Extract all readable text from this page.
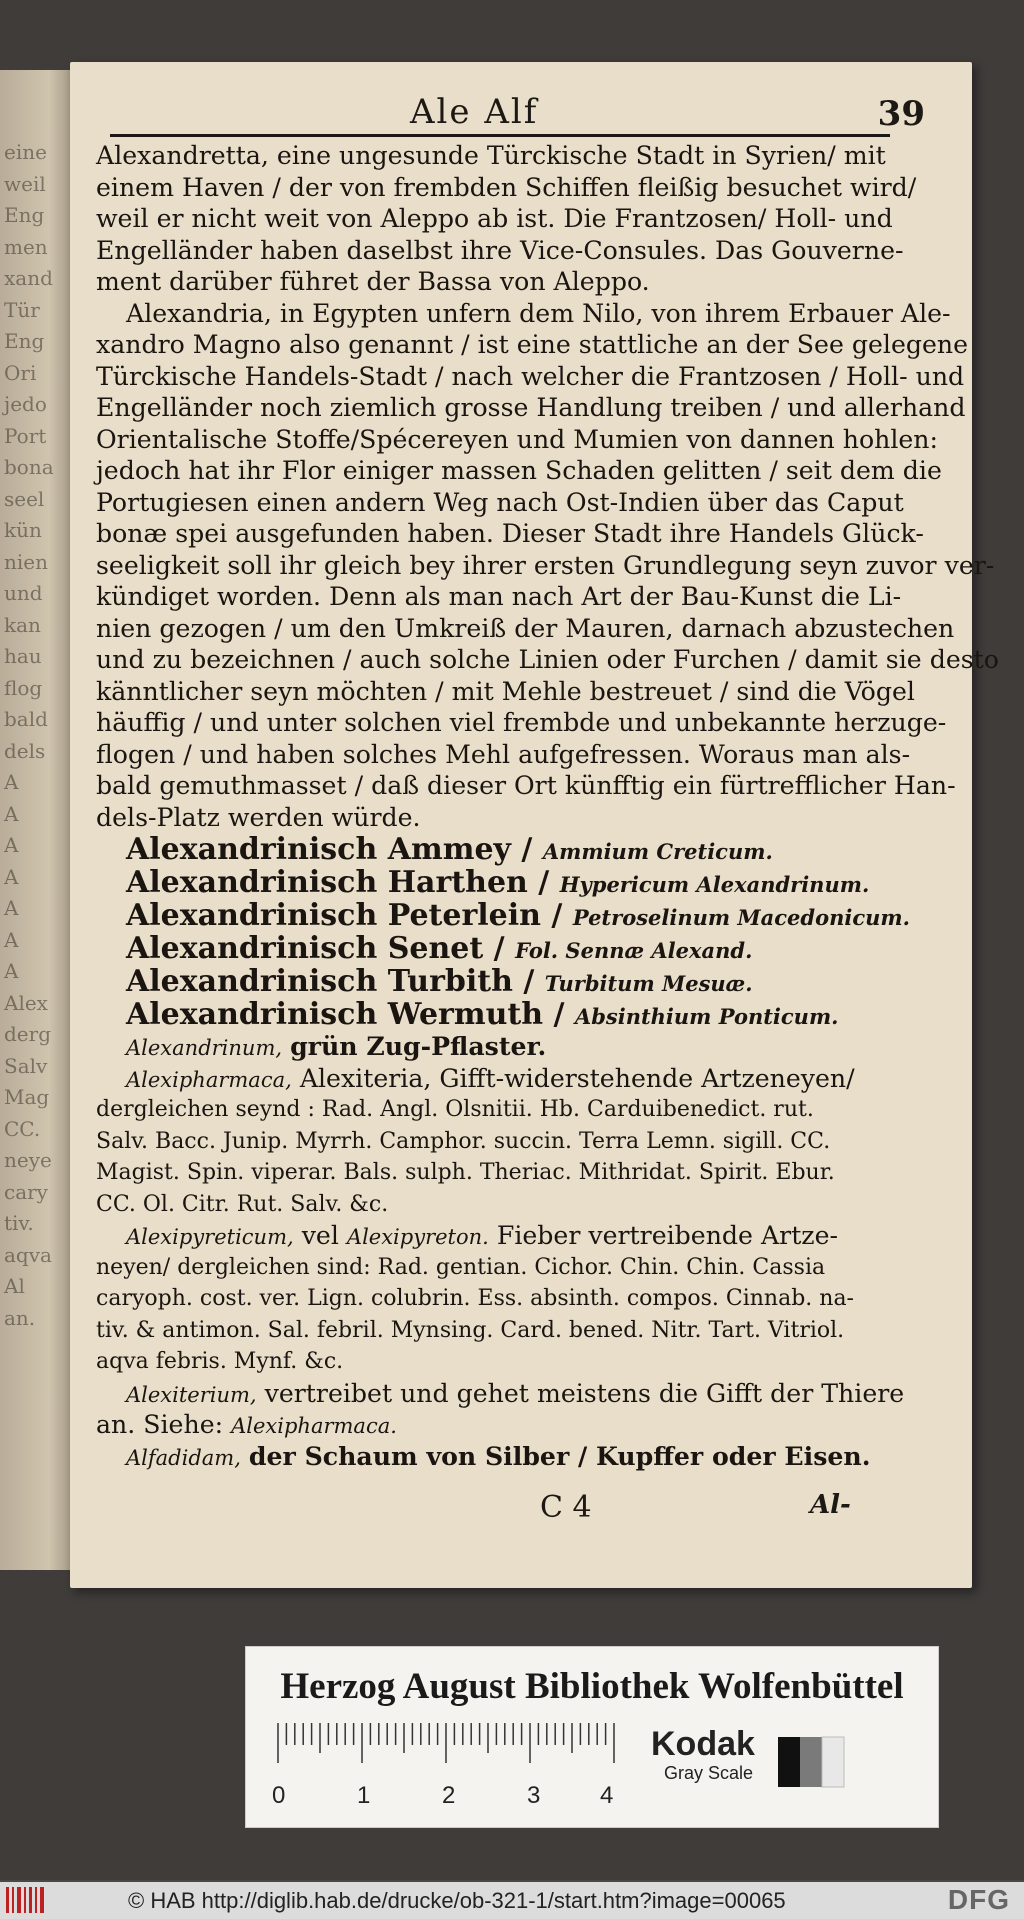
eine
weil
Eng
men
xand
Tür
Eng
Ori
jedo
Port
bona
seel
kün
nien
und
kan
hau
flog
bald
dels
A
A
A
A
A
A
A
Alex
derg
Salv
Mag
CC.
neye
cary
tiv.
aqva
Al
an.
Ale Alf	39
Alexandretta, eine ungesunde Türckische Stadt in Syrien/ mit
einem Haven / der von frembden Schiffen fleißig besuchet wird/
weil er nicht weit von Aleppo ab ist. Die Frantzosen/ Holl- und
Engelländer haben daselbst ihre Vice-Consules. Das Gouverne-
ment darüber führet der Bassa von Aleppo.
Alexandria, in Egypten unfern dem Nilo, von ihrem Erbauer Ale-
xandro Magno also genannt / ist eine stattliche an der See gelegene
Türckische Handels-Stadt / nach welcher die Frantzosen / Holl- und
Engelländer noch ziemlich grosse Handlung treiben / und allerhand
Orientalische Stoffe/Spécereyen und Mumien von dannen hohlen:
jedoch hat ihr Flor einiger massen Schaden gelitten / seit dem die
Portugiesen einen andern Weg nach Ost-Indien über das Caput
bonæ spei ausgefunden haben. Dieser Stadt ihre Handels Glück-
seeligkeit soll ihr gleich bey ihrer ersten Grundlegung seyn zuvor ver-
kündiget worden. Denn als man nach Art der Bau-Kunst die Li-
nien gezogen / um den Umkreiß der Mauren, darnach abzustechen
und zu bezeichnen / auch solche Linien oder Furchen / damit sie desto
känntlicher seyn möchten / mit Mehle bestreuet / sind die Vögel
häuffig / und unter solchen viel frembde und unbekannte herzuge-
flogen / und haben solches Mehl aufgefressen. Woraus man als-
bald gemuthmasset / daß dieser Ort künfftig ein fürtrefflicher Han-
dels-Platz werden würde.
Alexandrinisch Ammey / Ammium Creticum.
Alexandrinisch Harthen / Hypericum Alexandrinum.
Alexandrinisch Peterlein / Petroselinum Macedonicum.
Alexandrinisch Senet / Fol. Sennæ Alexand.
Alexandrinisch Turbith / Turbitum Mesuæ.
Alexandrinisch Wermuth / Absinthium Ponticum.
Alexandrinum, grün Zug-Pflaster.
Alexipharmaca, Alexiteria, Gifft-widerstehende Artzeneyen/
dergleichen seynd : Rad. Angl. Olsnitii. Hb. Carduibenedict. rut.
Salv. Bacc. Junip. Myrrh. Camphor. succin. Terra Lemn. sigill. CC.
Magist. Spin. viperar. Bals. sulph. Theriac. Mithridat. Spirit. Ebur.
CC. Ol. Citr. Rut. Salv. &c.
Alexipyreticum, vel Alexipyreton. Fieber vertreibende Artze-
neyen/ dergleichen sind: Rad. gentian. Cichor. Chin. Chin. Cassia
caryoph. cost. ver. Lign. colubrin. Ess. absinth. compos. Cinnab. na-
tiv. & antimon. Sal. febril. Mynsing. Card. bened. Nitr. Tart. Vitriol.
aqva febris. Mynf. &c.
Alexiterium, vertreibet und gehet meistens die Gifft der Thiere
an. Siehe: Alexipharmaca.
Alfadidam, der Schaum von Silber / Kupffer oder Eisen.
C 4	Al-
Herzog August Bibliothek Wolfenbüttel
0	1	2	3 4
Kodak
Gray Scale
© HAB http://diglib.hab.de/drucke/ob-321-1/start.htm?image=00065	DFG
